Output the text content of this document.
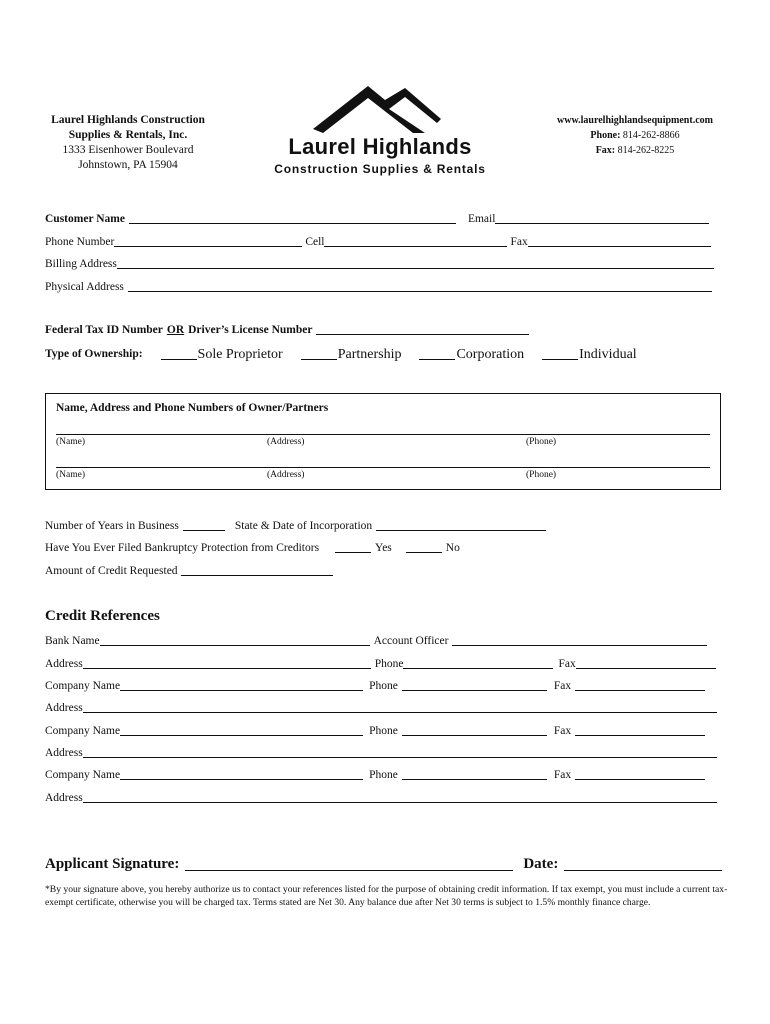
Laurel Highlands Construction
Supplies & Rentals, Inc.
1333 Eisenhower Boulevard
Johnstown, PA 15904
Laurel Highlands
Construction Supplies & Rentals
www.laurelhighlandsequipment.com
Phone: 814-262-8866
Fax: 814-262-8225
Customer Name	Email
Phone Number	Cell	Fax
Billing Address
Physical Address
Federal Tax ID Number OR Driver’s License Number
Type of Ownership:	Sole Proprietor	Partnership	Corporation	Individual
Name, Address and Phone Numbers of Owner/Partners
(Name)	(Address)	(Phone)
(Name)	(Address)	(Phone)
Number of Years in Business	State & Date of Incorporation
Have You Ever Filed Bankruptcy Protection from Creditors	Yes	No
Amount of Credit Requested
Credit References
Bank Name	Account Officer
Address	Phone	Fax
Company Name	Phone	Fax
Address
Company Name	Phone	Fax
Address
Company Name	Phone	Fax
Address
Applicant Signature:	Date:
*By your signature above, you hereby authorize us to contact your references listed for the purpose of obtaining credit information. If tax exempt, you must include a current tax-exempt certificate, otherwise you will be charged tax. Terms stated are Net 30. Any balance due after Net 30 terms is subject to 1.5% monthly finance charge.
